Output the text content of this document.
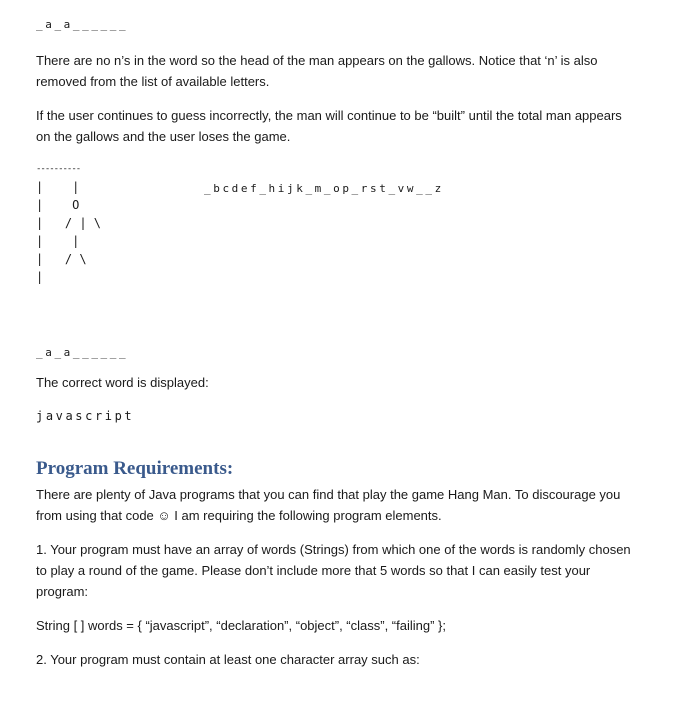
_a_a______

There are no n’s in the word so the head of the man appears on the gallows. Notice that ‘n’ is also

removed from the list of available letters.

If the user continues to guess incorrectly, the man will continue to be “built” until the total man appears

on the gallows and the user loses the game.

----------
|    |
|    O
|   / | \
|    |
|   / \
|
_bcdef_hijk_m_op_rst_vw__z
_a_a______

The correct word is displayed:

javascript
Program Requirements:

There are plenty of Java programs that you can find that play the game Hang Man. To discourage you

from using that code ☺ I am requiring the following program elements.

1. Your program must have an array of words (Strings) from which one of the words is randomly chosen

to play a round of the game. Please don’t include more that 5 words so that I can easily test your

program:

String [ ] words = { “javascript”, “declaration”, “object”, “class”, “failing” };

2. Your program must contain at least one character array such as:
